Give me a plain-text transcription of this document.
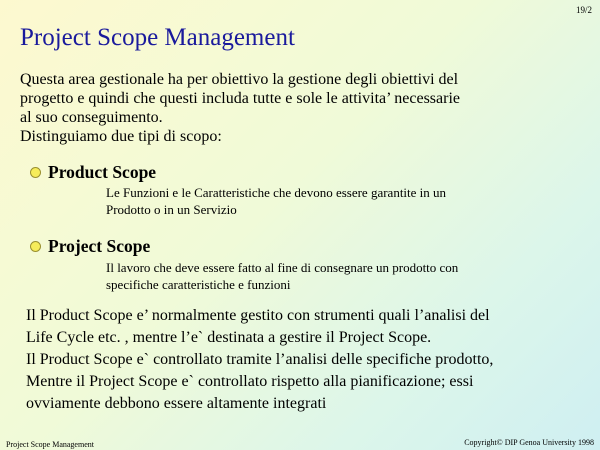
19/2
Project Scope Management
Questa area gestionale ha per obiettivo la gestione degli obiettivi del
progetto e quindi che questi includa tutte e sole le attivita’ necessarie
al suo conseguimento.
Distinguiamo due tipi di scopo:
Product Scope
Le Funzioni e le Caratteristiche che devono essere garantite in un
Prodotto o in un Servizio
Project Scope
Il lavoro che deve essere fatto al fine di consegnare un prodotto con
specifiche caratteristiche e funzioni
Il Product Scope e’ normalmente gestito con strumenti quali l’analisi del
Life Cycle etc. , mentre l’e` destinata a gestire il Project Scope.
Il Product Scope e` controllato tramite l’analisi delle specifiche prodotto,
Mentre il Project Scope e` controllato rispetto alla pianificazione; essi
ovviamente debbono essere altamente integrati
Project Scope Management	Copyright© DIP Genoa University 1998
